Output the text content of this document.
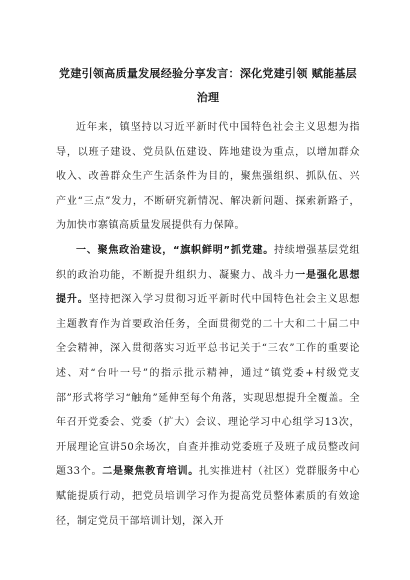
党建引领高质量发展经验分享发言：深化党建引领 赋能基层治理

近年来，镇坚持以习近平新时代中国特色社会主义思想为指导，以班子建设、党员队伍建设、阵地建设为重点，以增加群众收入、改善群众生产生活条件为目的，聚焦强组织、抓队伍、兴产业“三点”发力，不断研究新情况、解决新问题、探索新路子，为加快市寨镇高质量发展提供有力保障。

一、聚焦政治建设，“旗帜鲜明”抓党建。持续增强基层党组织的政治功能，不断提升组织力、凝聚力、战斗力一是强化思想提升。坚持把深入学习贯彻习近平新时代中国特色社会主义思想主题教育作为首要政治任务，全面贯彻党的二十大和二十届二中全会精神，深入贯彻落实习近平总书记关于“三农”工作的重要论述、对“台叶一号”的指示批示精神，通过“镇党委+村级党支部”形式将学习“触角”延伸至每个角落，实现思想提升全覆盖。全年召开党委会、党委（扩大）会议、理论学习中心组学习13次，开展理论宣讲50余场次，自查并推动党委班子及班子成员整改问题33个。二是聚焦教育培训。扎实推进村（社区）党群服务中心赋能提质行动，把党员培训学习作为提高党员整体素质的有效途径，制定党员干部培训计划，深入开
